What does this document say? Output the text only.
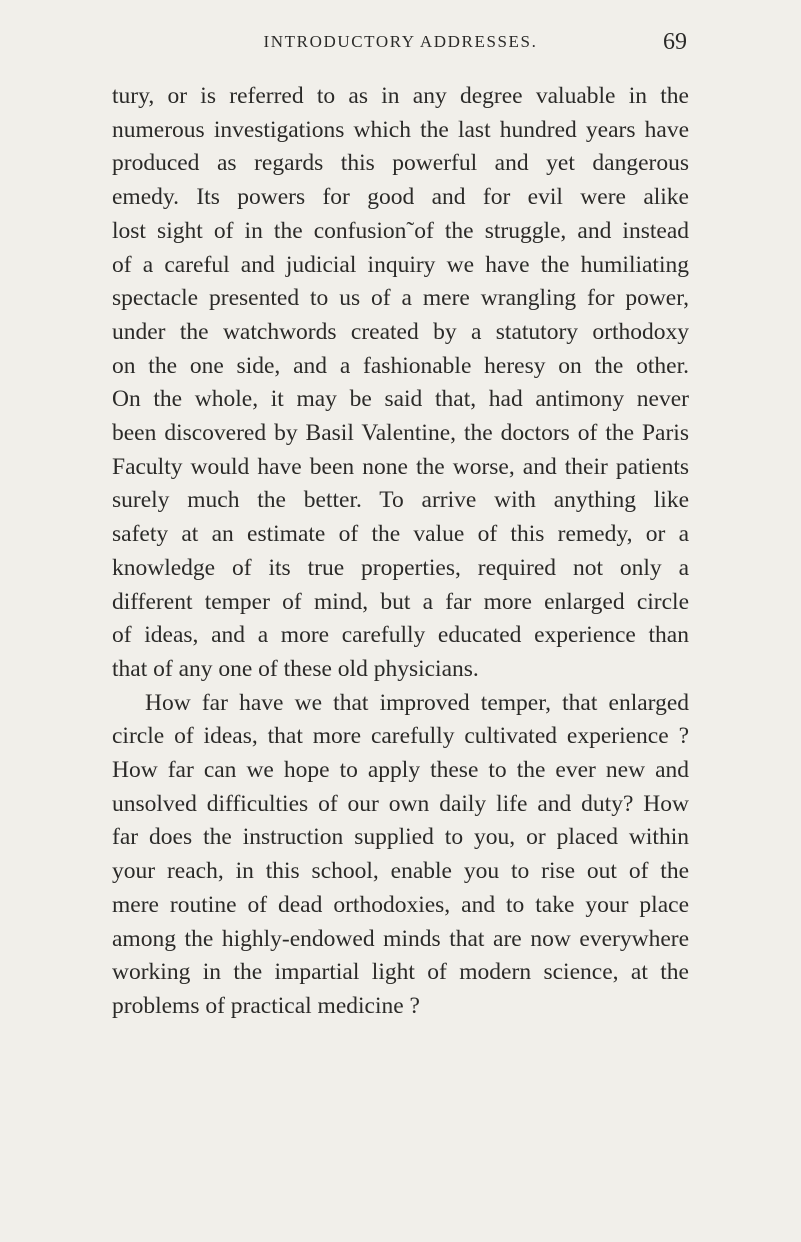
INTRODUCTORY ADDRESSES.	69

tury, or is referred to as in any degree valuable in the
numerous investigations which the last hundred years have
produced as regards this powerful and yet dangerous
emedy. Its powers for good and for evil were alike
lost sight of in the confusion˜of the struggle, and instead
of a careful and judicial inquiry we have the humiliating
spectacle presented to us of a mere wrangling for power,
under the watchwords created by a statutory orthodoxy
on the one side, and a fashionable heresy on the other.
On the whole, it may be said that, had antimony never
been discovered by Basil Valentine, the doctors of the Paris
Faculty would have been none the worse, and their patients
surely much the better. To arrive with anything like
safety at an estimate of the value of this remedy, or a
knowledge of its true properties, required not only a
different temper of mind, but a far more enlarged circle
of ideas, and a more carefully educated experience than
that of any one of these old physicians.

How far have we that improved temper, that enlarged
circle of ideas, that more carefully cultivated experience ?
How far can we hope to apply these to the ever new and
unsolved difficulties of our own daily life and duty? How
far does the instruction supplied to you, or placed within
your reach, in this school, enable you to rise out of the
mere routine of dead orthodoxies, and to take your place
among the highly-endowed minds that are now everywhere
working in the impartial light of modern science, at the
problems of practical medicine ?
